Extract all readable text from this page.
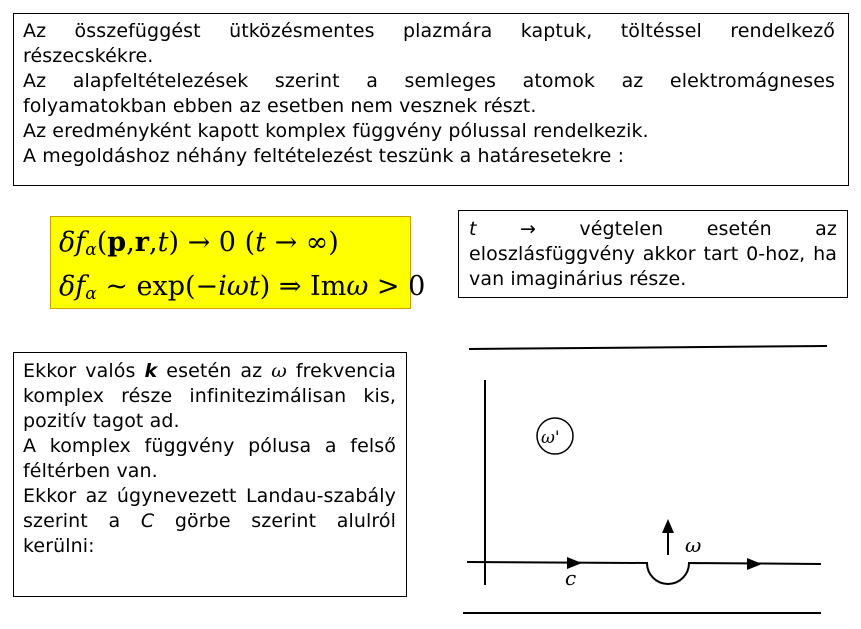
Az összefüggést ütközésmentes plazmára kaptuk, töltéssel rendelkező részecskékre.

Az alapfeltételezések szerint a semleges atomok az elektromágneses folyamatokban ebben az esetben nem vesznek részt.

Az eredményként kapott komplex függvény pólussal rendelkezik.

A megoldáshoz néhány feltételezést teszünk a határesetekre :

$\delta f_\alpha(p,r,t) \to 0$ (t → ∞)
$\delta f_\alpha$ ~ exp(−iωt) ⇒ Imω > 0
t → végtelen esetén az eloszlásfüggvény akkor tart 0-hoz, ha van imaginárius része.

Ekkor valós k esetén az ω frekvencia komplex része infinitezimálisan kis, pozitív tagot ad.

A komplex függvény pólusa a felső féltérben van.

Ekkor az úgynevezett Landau-szabály szerint a C görbe szerint alulról kerülni:

ω'
ω
c
